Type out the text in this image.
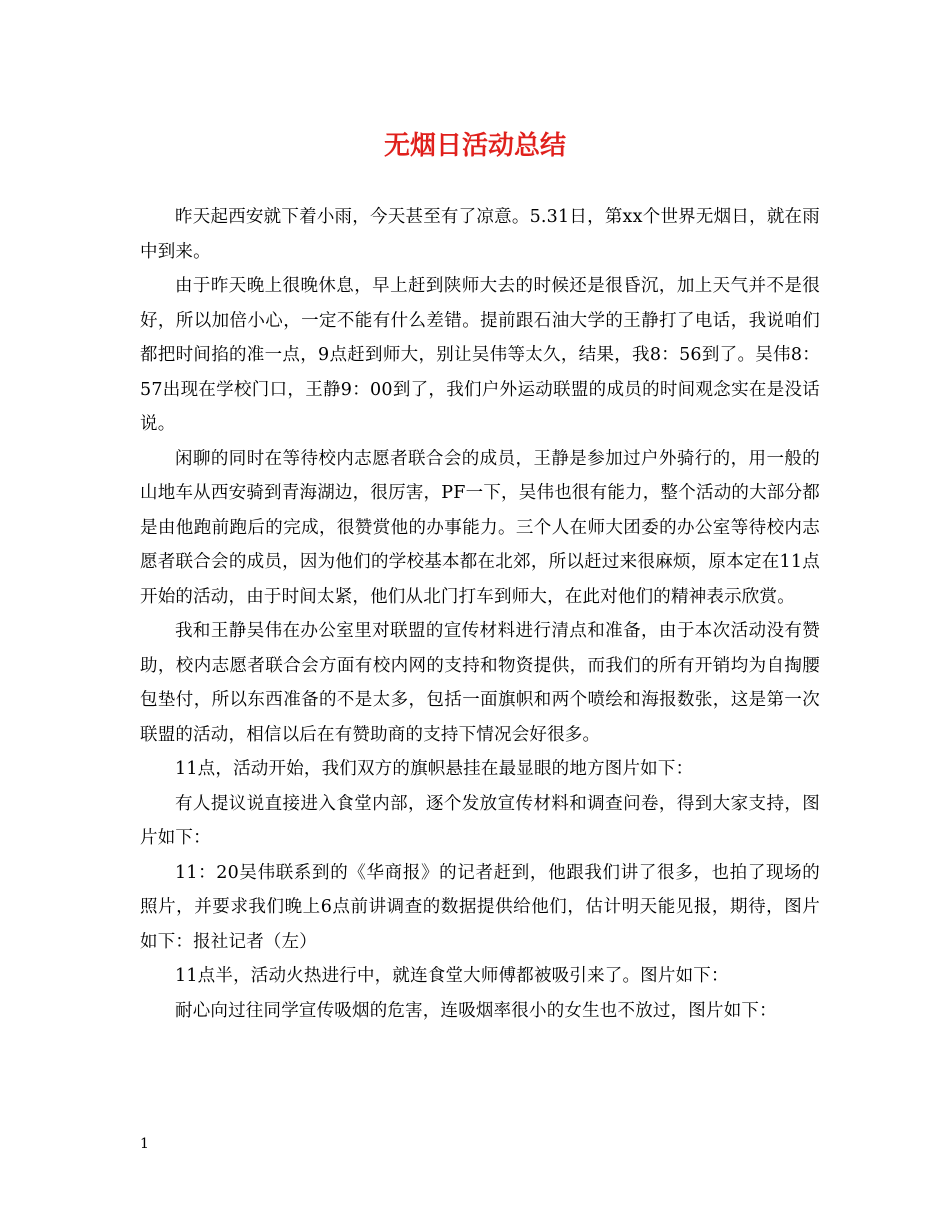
无烟日活动总结

昨天起西安就下着小雨，今天甚至有了凉意。5.31日，第xx个世界无烟日，就在雨中到来。

由于昨天晚上很晚休息，早上赶到陕师大去的时候还是很昏沉，加上天气并不是很好，所以加倍小心，一定不能有什么差错。提前跟石油大学的王静打了电话，我说咱们都把时间掐的准一点，9点赶到师大，别让吴伟等太久，结果，我8：56到了。吴伟8：57出现在学校门口，王静9：00到了，我们户外运动联盟的成员的时间观念实在是没话说。

闲聊的同时在等待校内志愿者联合会的成员，王静是参加过户外骑行的，用一般的山地车从西安骑到青海湖边，很厉害，PF一下，吴伟也很有能力，整个活动的大部分都是由他跑前跑后的完成，很赞赏他的办事能力。三个人在师大团委的办公室等待校内志愿者联合会的成员，因为他们的学校基本都在北郊，所以赶过来很麻烦，原本定在11点开始的活动，由于时间太紧，他们从北门打车到师大，在此对他们的精神表示欣赏。

我和王静吴伟在办公室里对联盟的宣传材料进行清点和准备，由于本次活动没有赞助，校内志愿者联合会方面有校内网的支持和物资提供，而我们的所有开销均为自掏腰包垫付，所以东西准备的不是太多，包括一面旗帜和两个喷绘和海报数张，这是第一次联盟的活动，相信以后在有赞助商的支持下情况会好很多。

11点，活动开始，我们双方的旗帜悬挂在最显眼的地方图片如下：

有人提议说直接进入食堂内部，逐个发放宣传材料和调查问卷，得到大家支持，图片如下：

11：20吴伟联系到的《华商报》的记者赶到，他跟我们讲了很多，也拍了现场的照片，并要求我们晚上6点前讲调查的数据提供给他们，估计明天能见报，期待，图片如下：报社记者（左）

11点半，活动火热进行中，就连食堂大师傅都被吸引来了。图片如下：

耐心向过往同学宣传吸烟的危害，连吸烟率很小的女生也不放过，图片如下：

1
